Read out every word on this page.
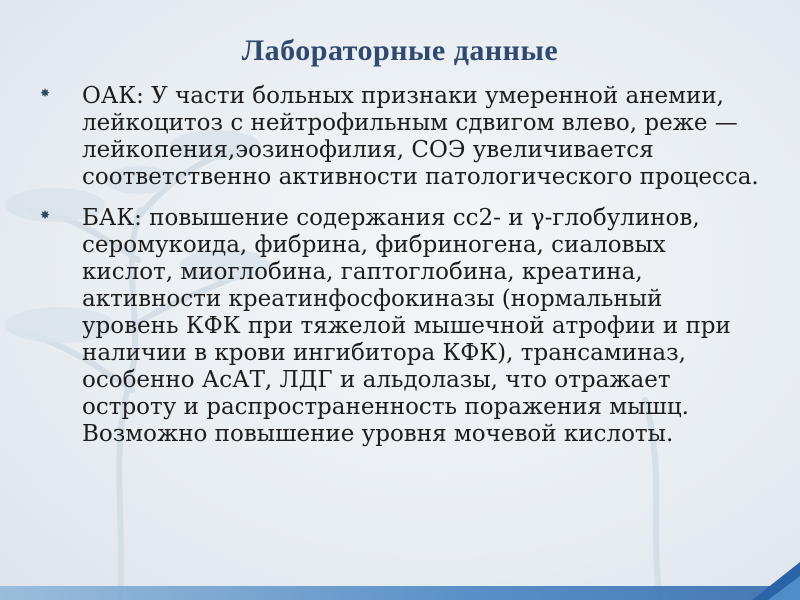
Лабораторные данные
✸ ОАК: У части больных признаки умеренной анемии, лейкоцитоз с нейтрофильным сдвигом влево, реже — лейкопения,эозинофилия, СОЭ увеличивается соответственно активности патологического процесса.
✸ БАК: повышение содержания сс2- и γ-глобулинов, серомукоида, фибрина, фибриногена, сиаловых кислот, миоглобина, гаптоглобина, креатина, активности креатинфосфокиназы (нормальный уровень КФК при тяжелой мышечной атрофии и при наличии в крови ингибитора КФК), трансаминаз, особенно АсАТ, ЛДГ и альдолазы, что отражает остроту и распространенность поражения мышц. Возможно повышение уровня мочевой кислоты.
